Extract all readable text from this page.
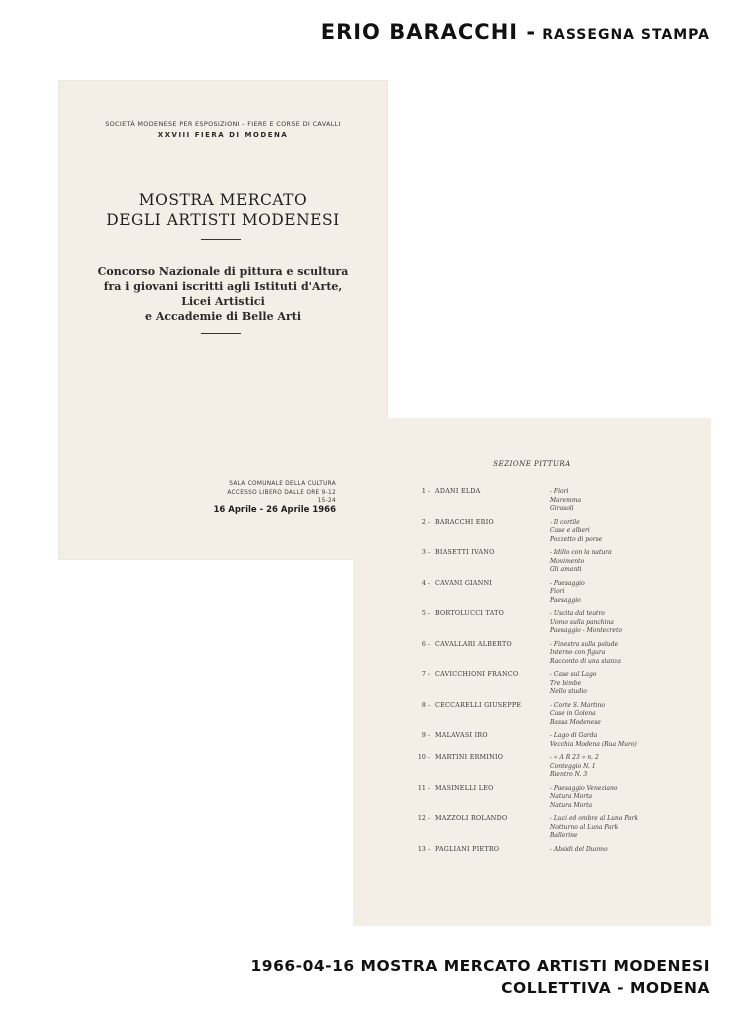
ERIO BARACCHI - RASSEGNA STAMPA
SOCIETÀ MODENESE PER ESPOSIZIONI - FIERE E CORSE DI CAVALLI
XXVIII FIERA DI MODENA
MOSTRA MERCATO
DEGLI ARTISTI MODENESI
Concorso Nazionale di pittura e scultura
fra i giovani iscritti agli Istituti d'Arte,
Licei Artistici
e Accademie di Belle Arti
SALA COMUNALE DELLA CULTURA
ACCESSO LIBERO DALLE ORE 9-12
15-24
16 Aprile - 26 Aprile 1966
SEZIONE PITTURA
1 - ADANI ELDA	- Fiori
Maremma
Girasoli
2 - BARACCHI ERIO	- Il cortile
Case e alberi
Pozzetto di porse
3 - BIASETTI IVANO	- Idilio con la natura
Movimento
Gli amanti
4 - CAVANI GIANNI	- Paesaggio
Fiori
Paesaggio
5 - BORTOLUCCI TATO	- Uscita dal teatro
Uomo sulla panchina
Paesaggio - Montecreto
6 - CAVALLARI ALBERTO	- Finestra sulla palude
Interno con figura
Racconto di una stanza
7 - CAVICCHIONI FRANCO	- Case sul Lago
Tre bimbe
Nello studio
8 - CECCARELLI GIUSEPPE	- Corte S. Martino
Case in Golena
Bassa Modenese
9 - MALAVASI IRO	- Lago di Garda
Vecchia Modena (Rua Muro)
10 - MARTINI ERMINIO	- « A R 23 » n. 2
Conteggio N. 1
Rientro N. 3
11 - MASINELLI LEO	- Paesaggio Veneziano
Natura Morta
Natura Morta
12 - MAZZOLI ROLANDO	- Luci ed ombre al Luna Park
Notturno al Luna Park
Ballerine
13 - PAGLIANI PIETRO	- Absidi del Duomo
1966-04-16 MOSTRA MERCATO ARTISTI MODENESI
COLLETTIVA - MODENA
